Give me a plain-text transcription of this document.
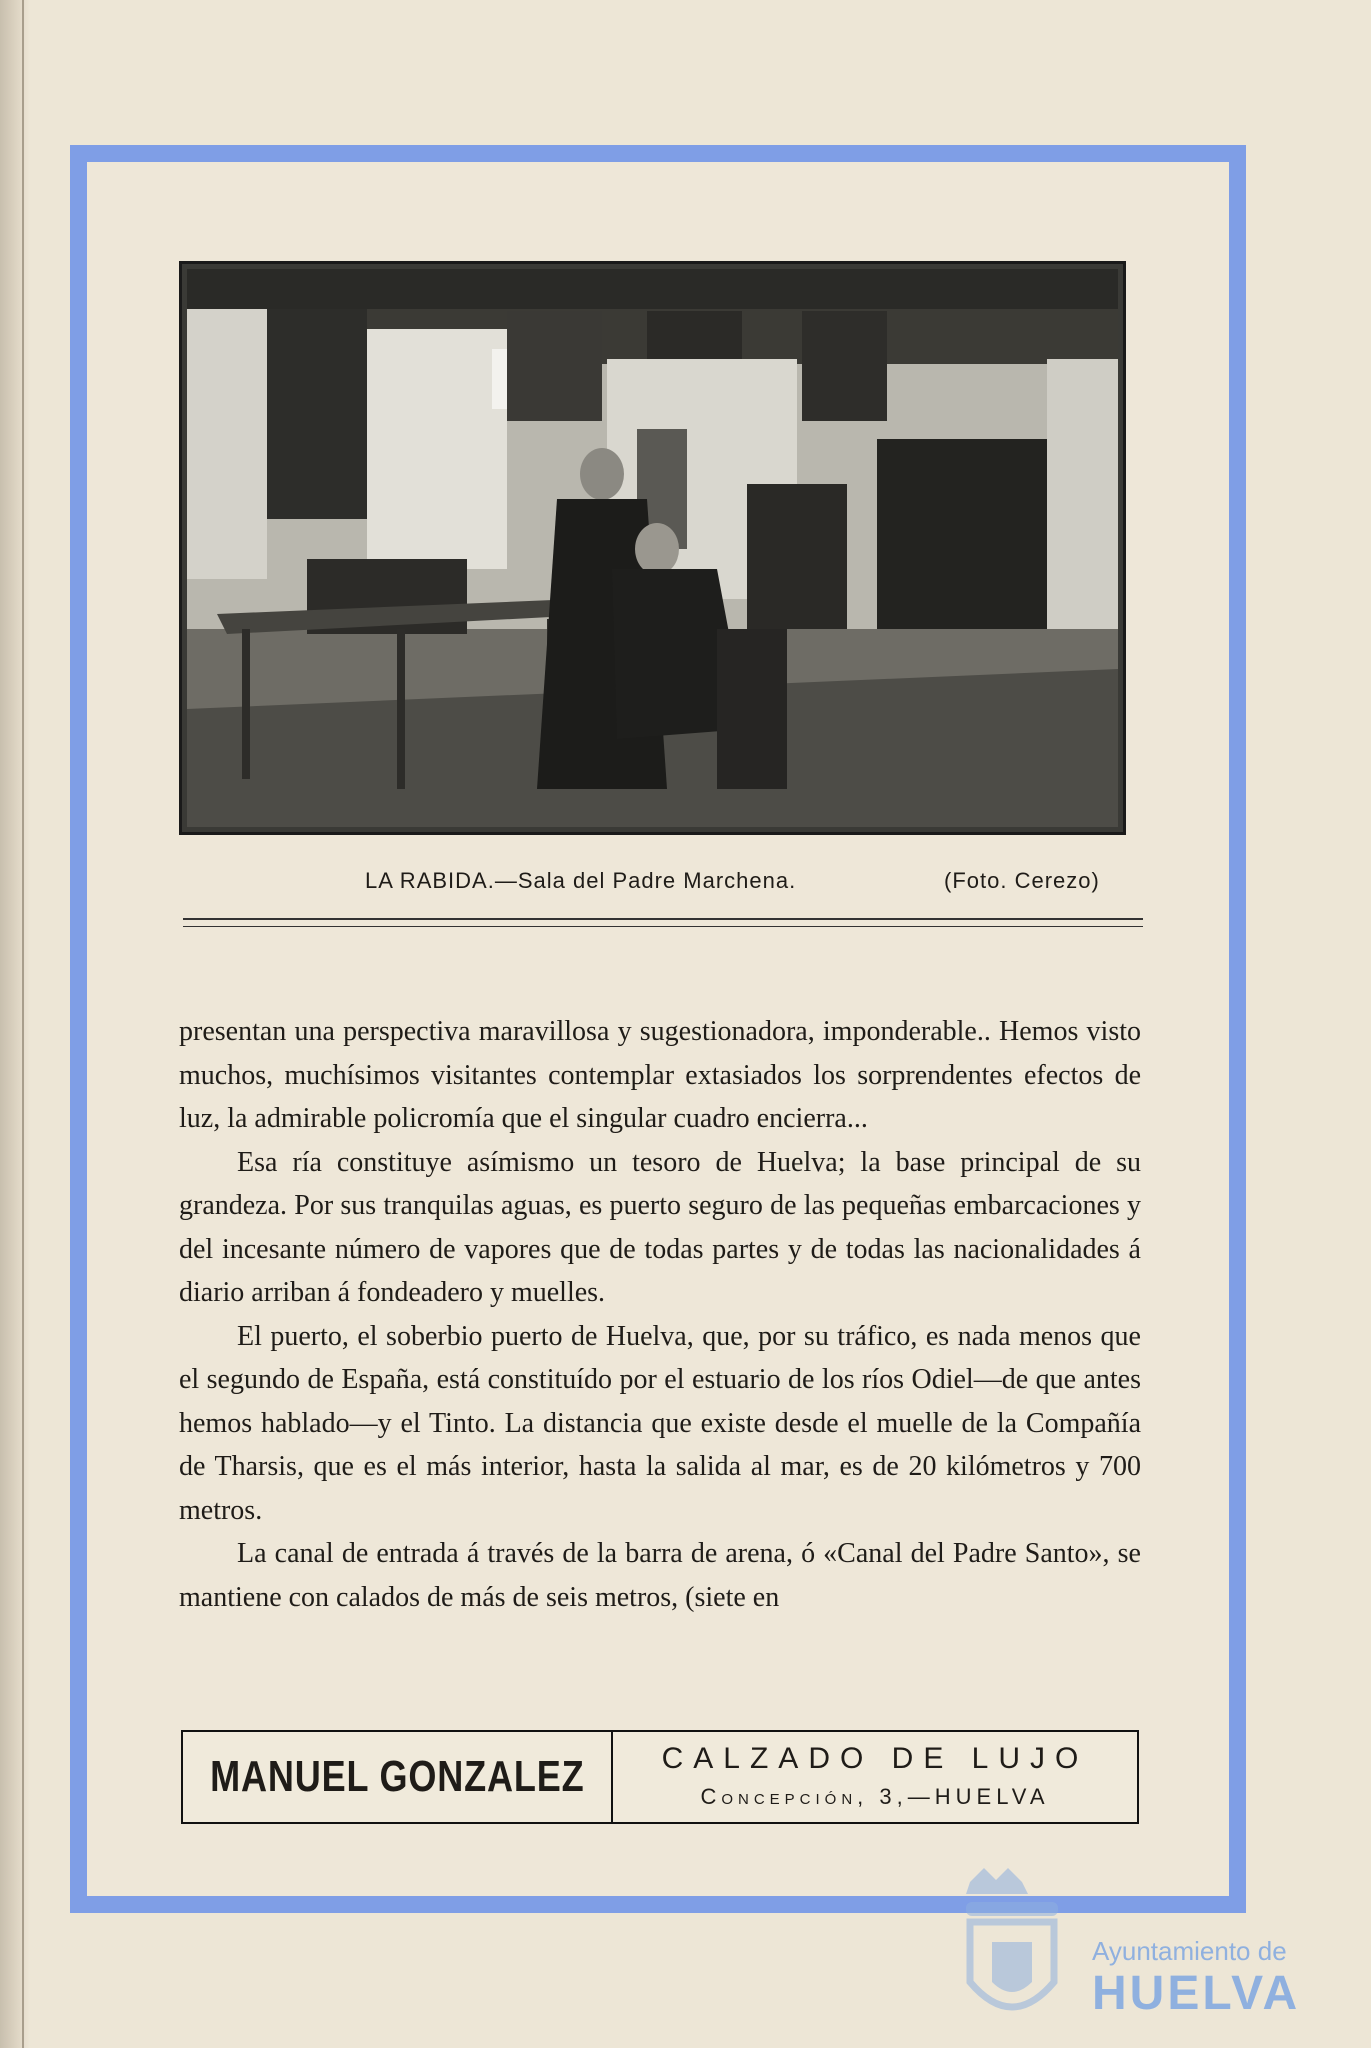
LA RABIDA.—Sala del Padre Marchena.	(Foto. Cerezo)

presentan una perspectiva maravillosa y sugestionadora, imponderable.. Hemos visto muchos, muchísimos visitantes contemplar extasiados los sorprendentes efectos de luz, la admirable policromía que el singular cuadro encierra...

Esa ría constituye asímismo un tesoro de Huelva; la base principal de su grandeza. Por sus tranquilas aguas, es puerto seguro de las pequeñas embarcaciones y del incesante número de vapores que de todas partes y de todas las nacionalidades á diario arriban á fondeadero y muelles.

El puerto, el soberbio puerto de Huelva, que, por su tráfico, es nada menos que el segundo de España, está constituído por el estuario de los ríos Odiel—de que antes hemos hablado—y el Tinto. La distancia que existe desde el muelle de la Compañía de Tharsis, que es el más interior, hasta la salida al mar, es de 20 kilómetros y 700 metros.

La canal de entrada á través de la barra de arena, ó «Canal del Padre Santo», se mantiene con calados de más de seis metros, (siete en

MANUEL GONZALEZ	CALZADO DE LUJO
Concepción, 3,—HUELVA
Ayuntamiento de
HUELVA
